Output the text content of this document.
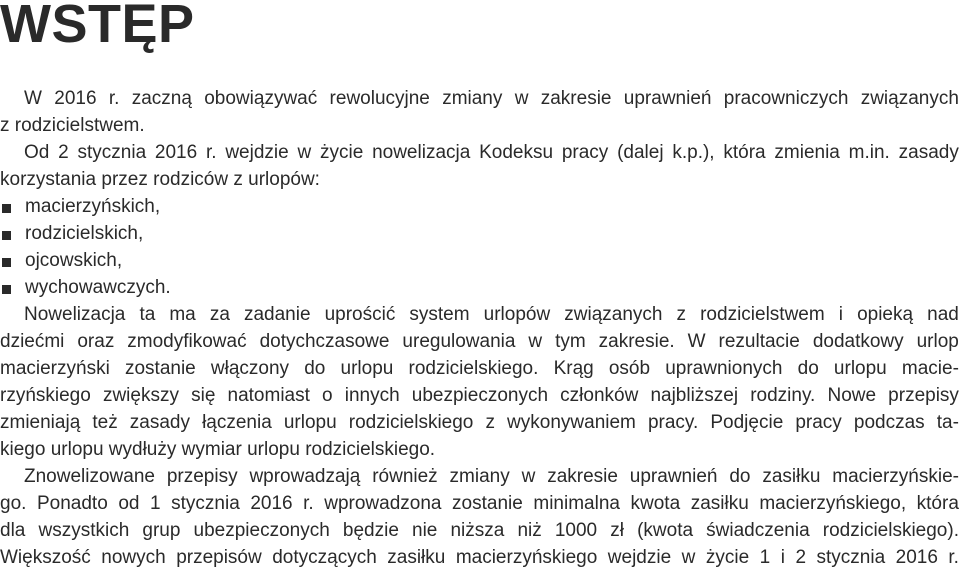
WSTĘP
W 2016 r. zaczną obowiązywać rewolucyjne zmiany w zakresie uprawnień pracowniczych związanych
z rodzicielstwem.
Od 2 stycznia 2016 r. wejdzie w życie nowelizacja Kodeksu pracy (dalej k.p.), która zmienia m.in. zasady
korzystania przez rodziców z urlopów:
macierzyńskich,
rodzicielskich,
ojcowskich,
wychowawczych.
Nowelizacja ta ma za zadanie uprościć system urlopów związanych z rodzicielstwem i opieką nad
dziećmi oraz zmodyfikować dotychczasowe uregulowania w tym zakresie. W rezultacie dodatkowy urlop
macierzyński zostanie włączony do urlopu rodzicielskiego. Krąg osób uprawnionych do urlopu macie-
rzyńskiego zwiększy się natomiast o innych ubezpieczonych członków najbliższej rodziny. Nowe przepisy
zmieniają też zasady łączenia urlopu rodzicielskiego z wykonywaniem pracy. Podjęcie pracy podczas ta-
kiego urlopu wydłuży wymiar urlopu rodzicielskiego.
Znowelizowane przepisy wprowadzają również zmiany w zakresie uprawnień do zasiłku macierzyńskie-
go. Ponadto od 1 stycznia 2016 r. wprowadzona zostanie minimalna kwota zasiłku macierzyńskiego, która
dla wszystkich grup ubezpieczonych będzie nie niższa niż 1000 zł (kwota świadczenia rodzicielskiego).
Większość nowych przepisów dotyczących zasiłku macierzyńskiego wejdzie w życie 1 i 2 stycznia 2016 r.
